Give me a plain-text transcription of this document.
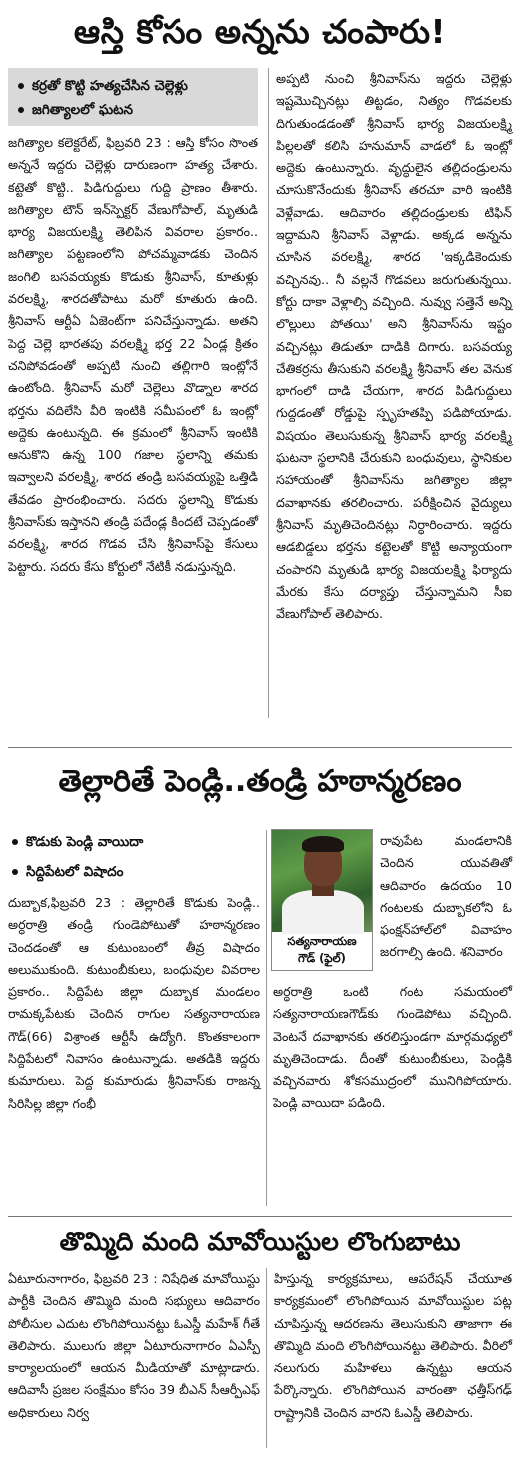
ఆస్తి కోసం అన్నను చంపారు!
కర్రతో కొట్టి హత్యచేసిన చెల్లెళ్లు
జగిత్యాలలో ఘటన

జగిత్యాల కలెక్టరేట్, ఫిబ్రవరి 23 : ఆస్తి కోసం సొంత అన్ననే ఇద్దరు చెల్లెళ్లు దారుణంగా హత్య చేశారు. కట్టెతో కొట్టి.. పిడిగుద్దులు గుద్ది ప్రాణం తీశారు. జగిత్యాల టౌన్ ఇన్‌స్పెక్టర్ వేణుగోపాల్, మృతుడి భార్య విజయలక్ష్మి తెలిపిన వివరాల ప్రకారం.. జగిత్యాల పట్టణంలోని పోచమ్మవాడకు చెందిన జంగిలి బసవయ్యకు కొడుకు శ్రీనివాస్, కూతుళ్లు వరలక్ష్మి, శారదతోపాటు మరో కూతురు ఉంది. శ్రీనివాస్ ఆర్టీఏ ఏజెంట్‌గా పనిచేస్తున్నాడు. అతని పెద్ద చెల్లె భారతపు వరలక్ష్మి భర్త 22 ఏండ్ల క్రితం చనిపోవడంతో అప్పటి నుంచి తల్లిగారి ఇంట్లోనే ఉంటోంది. శ్రీనివాస్ మరో చెల్లెలు వొడ్నాల శారద భర్తను వదిలేసి వీరి ఇంటికి సమీపంలో ఓ ఇంట్లో అద్దెకు ఉంటున్నది. ఈ క్రమంలో శ్రీనివాస్ ఇంటికి ఆనుకొని ఉన్న 100 గజాల స్థలాన్ని తమకు ఇవ్వాలని వరలక్ష్మి, శారద తండ్రి బసవయ్యపై ఒత్తిడి తేవడం ప్రారంభించారు. సదరు స్థలాన్ని కొడుకు శ్రీనివాస్‌కు ఇస్తానని తండ్రి పదేండ్ల కిందటే చెప్పడంతో వరలక్ష్మి, శారద గొడవ చేసి శ్రీనివాస్‌పై కేసులు పెట్టారు. సదరు కేసు కోర్టులో నేటికీ నడుస్తున్నది.

అప్పటి నుంచి శ్రీనివాస్‌ను ఇద్దరు చెల్లెళ్లు ఇష్టమొచ్చినట్లు తిట్టడం, నిత్యం గొడవలకు దిగుతుండడంతో శ్రీనివాస్ భార్య విజయలక్ష్మి పిల్లలతో కలిసి హనుమాన్ వాడలో ఓ ఇంట్లో అద్దెకు ఉంటున్నారు. వృద్ధులైన తల్లిదండ్రులను చూసుకొనేందుకు శ్రీనివాస్ తరచూ వారి ఇంటికి వెళ్లేవాడు. ఆదివారం తల్లిదండ్రులకు టిఫిన్ ఇద్దామని శ్రీనివాస్ వెళ్లాడు. అక్కడ అన్నను చూసిన వరలక్ష్మి, శారద 'ఇక్కడికెందుకు వచ్చినవు.. నీ వల్లనే గొడవలు జరుగుతున్నయి. కోర్టు దాకా వెళ్లాల్సి వచ్చింది. నువ్వు సత్తెనే అన్ని లొల్లులు పోతయి' అని శ్రీనివాస్‌ను ఇష్టం వచ్చినట్లు తిడుతూ దాడికి దిగారు. బసవయ్య చేతికర్రను తీసుకుని వరలక్ష్మి శ్రీనివాస్ తల వెనుక భాగంలో దాడి చేయగా, శారద పిడిగుద్దులు గుద్దడంతో రోడ్డుపై స్పృహతప్పి పడిపోయాడు. విషయం తెలుసుకున్న శ్రీనివాస్ భార్య వరలక్ష్మి ఘటనా స్థలానికి చేరుకుని బంధువులు, స్థానికుల సహాయంతో శ్రీనివాస్‌ను జగిత్యాల జిల్లా దవాఖానకు తరలించారు. పరీక్షించిన వైద్యులు శ్రీనివాస్ మృతిచెందినట్లు నిర్ధారించారు. ఇద్దరు ఆడబిడ్డలు భర్తను కట్టెలతో కొట్టి అన్యాయంగా చంపారని మృతుడి భార్య విజయలక్ష్మి ఫిర్యాదు మేరకు కేసు దర్యాప్తు చేస్తున్నామని సీఐ వేణుగోపాల్ తెలిపారు.

తెల్లారితే పెండ్లి..తండ్రి హఠాన్మరణం
కొడుకు పెండ్లి వాయిదా
సిద్దిపేటలో విషాదం

దుబ్బాక,ఫిబ్రవరి 23 : తెల్లారితే కొడుకు పెండ్లి.. అర్ధరాత్రి తండ్రి గుండెపోటుతో హఠాన్మరణం చెందడంతో ఆ కుటుంబంలో తీవ్ర విషాదం అలుముకుంది. కుటుంబీకులు, బంధువుల వివరాల ప్రకారం.. సిద్దిపేట జిల్లా దుబ్బాక మండలం రామక్కపేటకు చెందిన రాగుల సత్యనారాయణ గౌడ్(66) విశ్రాంత ఆర్టీసీ ఉద్యోగి. కొంతకాలంగా సిద్దిపేటలో నివాసం ఉంటున్నాడు. అతడికి ఇద్దరు కుమారులు. పెద్ద కుమారుడు శ్రీనివాస్‌కు రాజన్న సిరిసిల్ల జిల్లా గంభీ

సత్యనారాయణ
గౌడ్ (ఫైల్)

రావుపేట మండలానికి చెందిన యువతితో ఆదివారం ఉదయం 10 గంటలకు దుబ్బాకలోని ఓ ఫంక్షన్‌హాల్‌లో వివాహం జరగాల్సి ఉంది. శనివారం

అర్ధరాత్రి ఒంటి గంట సమయంలో సత్యనారాయణగౌడ్‌కు గుండెపోటు వచ్చింది. వెంటనే దవాఖానకు తరలిస్తుండగా మార్గమధ్యలో మృతిచెందాడు. దీంతో కుటుంబీకులు, పెండ్లికి వచ్చినవారు శోకసముద్రంలో మునిగిపోయారు. పెండ్లి వాయిదా పడింది.

తొమ్మిది మంది మావోయిస్టుల లొంగుబాటు

ఏటూరునాగారం, ఫిబ్రవరి 23 : నిషేధిత మావోయిస్టు పార్టీకి చెందిన తొమ్మిది మంది సభ్యులు ఆదివారం పోలీసుల ఎదుట లొంగిపోయినట్టు ఓఎస్డీ మహేశ్ గీతే తెలిపారు. ములుగు జిల్లా ఏటూరునాగారం ఏఎస్పీ కార్యాలయంలో ఆయన మీడియాతో మాట్లాడారు. ఆదివాసీ ప్రజల సంక్షేమం కోసం 39 బీఎన్ సీఆర్పీఎఫ్ అధికారులు నిర్వ

హిస్తున్న కార్యక్రమాలు, ఆపరేషన్ చేయూత కార్యక్రమంలో లొంగిపోయిన మావోయిస్టుల పట్ల చూపిస్తున్న ఆదరణను తెలుసుకుని తాజాగా ఈ తొమ్మిది మంది లొంగిపోయినట్టు తెలిపారు. వీరిలో నలుగురు మహిళలు ఉన్నట్టు ఆయన పేర్కొన్నారు. లొంగిపోయిన వారంతా ఛత్తీస్‌గఢ్ రాష్ట్రానికి చెందిన వారని ఓఎస్డీ తెలిపారు.
